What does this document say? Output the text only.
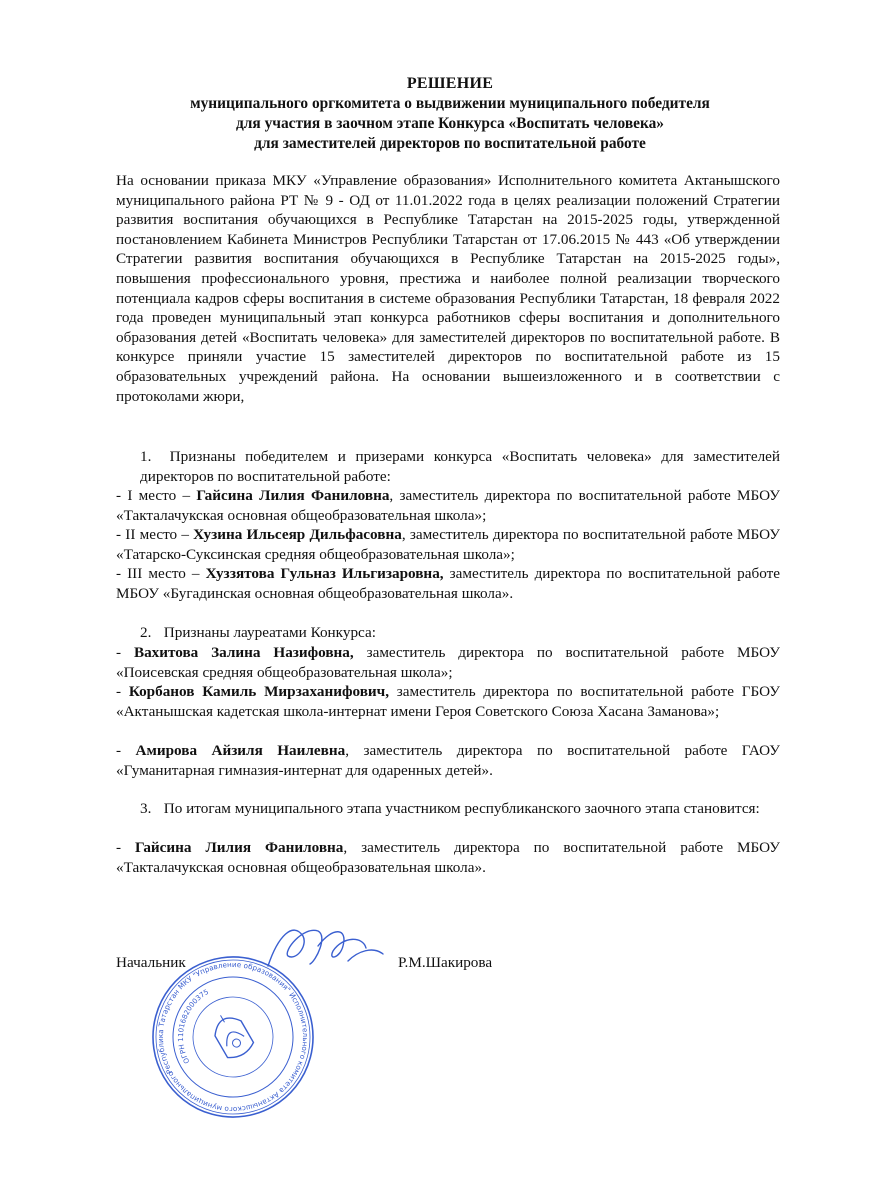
РЕШЕНИЕ
муниципального оргкомитета о выдвижении муниципального победителя
для участия в заочном этапе Конкурса «Воспитать человека»
для заместителей директоров по воспитательной работе
На основании приказа МКУ «Управление образования» Исполнительного комитета Актанышского муниципального района РТ № 9 - ОД от 11.01.2022 года в целях реализации положений Стратегии развития воспитания обучающихся в Республике Татарстан на 2015-2025 годы, утвержденной постановлением Кабинета Министров Республики Татарстан от 17.06.2015 № 443 «Об утверждении Стратегии развития воспитания обучающихся в Республике Татарстан на 2015-2025 годы», повышения профессионального уровня, престижа и наиболее полной реализации творческого потенциала кадров сферы воспитания в системе образования Республики Татарстан, 18 февраля 2022 года проведен муниципальный этап конкурса работников сферы воспитания и дополнительного образования детей «Воспитать человека» для заместителей директоров по воспитательной работе. В конкурсе приняли участие 15 заместителей директоров по воспитательной работе из 15 образовательных учреждений района. На основании вышеизложенного и в соответствии с протоколами жюри,
1. Признаны победителем и призерами конкурса «Воспитать человека» для заместителей директоров по воспитательной работе:
- I место – Гайсина Лилия Фаниловна, заместитель директора по воспитательной работе МБОУ «Такталачукская основная общеобразовательная школа»;
- II место – Хузина Ильсеяр Дильфасовна, заместитель директора по воспитательной работе МБОУ «Татарско-Суксинская средняя общеобразовательная школа»;
- III место – Хуззятова Гульназ Ильгизаровна, заместитель директора по воспитательной работе МБОУ «Бугадинская основная общеобразовательная школа».
2. Признаны лауреатами Конкурса:
- Вахитова Залина Назифовна, заместитель директора по воспитательной работе МБОУ «Поисевская средняя общеобразовательная школа»;
- Корбанов Камиль Мирзаханифович, заместитель директора по воспитательной работе ГБОУ «Актанышская кадетская школа-интернат имени Героя Советского Союза Хасана Заманова»;
- Амирова Айзиля Наилевна, заместитель директора по воспитательной работе ГАОУ «Гуманитарная гимназия-интернат для одаренных детей».
3. По итогам муниципального этапа участником республиканского заочного этапа становится:
- Гайсина Лилия Фаниловна, заместитель директора по воспитательной работе МБОУ «Такталачукская основная общеобразовательная школа».
Начальник	Р.М.Шакирова
Республика Татарстан МКУ "Управление образования" Исполнительного комитета Актанышского муниципального
ОГРН 1101682000375
